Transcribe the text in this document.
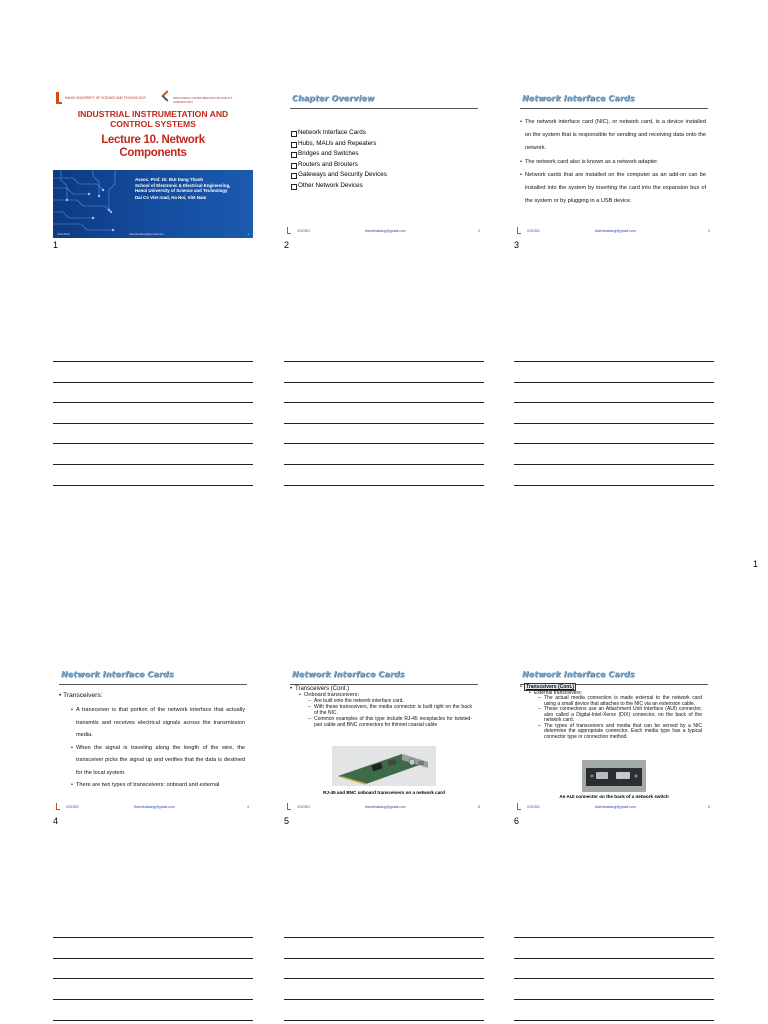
HANOI UNIVERSITY OF SCIENCE AND TECHNOLOGY	INDUSTRIAL INSTRUMENTATION AND IoT LABORATORY
INDUSTRIAL INSTRUMETATION AND
CONTROL SYSTEMS
Lecture 10. Network
Components
Assoc. Prof. Dr. BUI Dang Thanh
School of Electronic & Electrical Engineering,
Hanoi University of Science and Technology
Dai Co Viet road, Ha Noi, Viet Nam
4/11/2021	thanhbuidang@gmail.com	1
1
Chapter Overview
Network Interface Cards
Hubs, MAUs and Repeaters
Bridges and Switches
Routers and Brouters
Gateways and Security Devices
Other Network Devices
VGOSO	thanhbuidang@gmail.com	2
2
Network Interface Cards
• The network interface card (NIC), or network card, is a device installed on the system that is responsible for sending and receiving data onto the network.
• The network card also is known as a network adapter.
• Network cards that are installed on the computer as an add-on can be installed into the system by inserting the card into the expansion bus of the system or by plugging in a USB device.
VGOSO	thanhbuidang@gmail.com	3
3
1
Network Interface Cards
• Transceivers:
• A transceiver is that portion of the network interface that actually transmits and receives electrical signals across the transmission media.
• When the signal is traveling along the length of the wire, the transceiver picks the signal up and verifies that the data is destined for the local system.
• There are two types of transceivers: onboard and external
VGOSO	thanhbuidang@gmail.com	4
4
Network Interface Cards
• Transceivers (Cont.)
• Onboard transceivers:
– Are built onto the network interface card.
– With these transceivers, the media connector is built right on the back of the NIC.
– Common examples of this type include RJ-45 receptacles for twisted-pair cable and BNC connectors for thinnet coaxial cable
RJ-45 and BNC onboard transceivers on a network card
VGOSO	thanhbuidang@gmail.com	5
5
Network Interface Cards
• Transceivers (Cont.)
• External transceivers:
– The actual media connection is made external to the network card using a small device that attaches to the NIC via an extension cable.
– These connections use an Attachment Unit Interface (AUI) connector, also called a Digital-Intel-Xerox (DIX) connector, on the back of the network card.
– The types of transceivers and media that can be served by a NIC determine the appropriate connector. Each media type has a typical connector type or connection method.
An AUI connector on the back of a network switch
VGOSO	thanhbuidang@gmail.com	6
6
